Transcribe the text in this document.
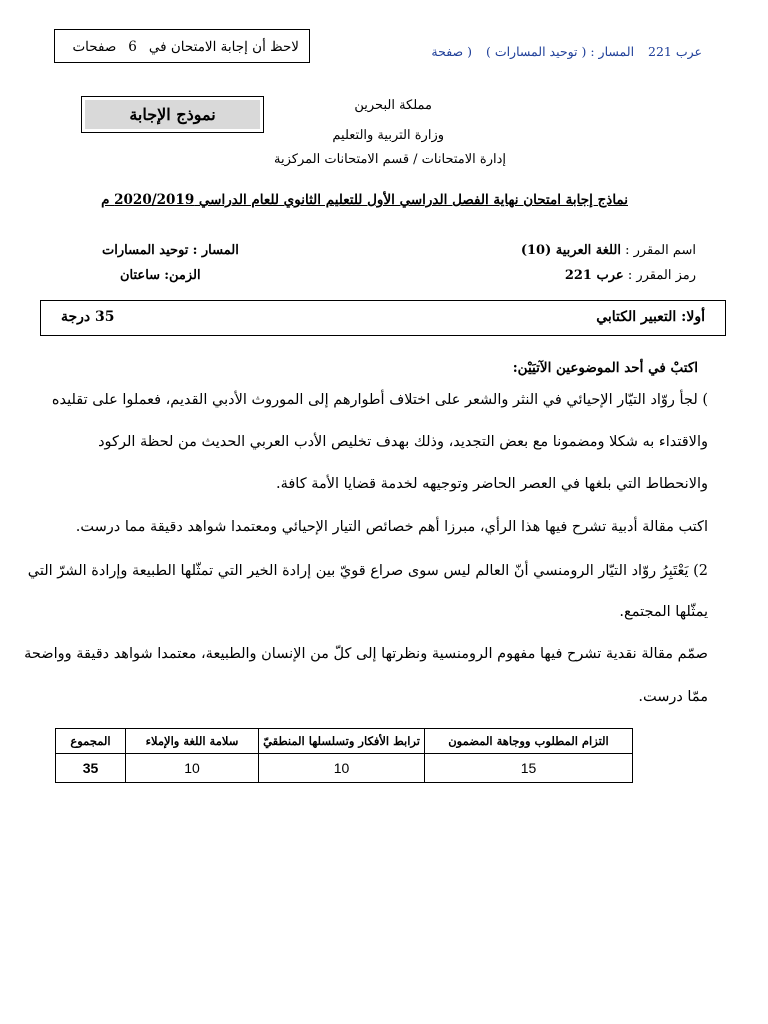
لاحظ أن إجابة الامتحان في6صفحات	عرب 221 المسار : ( توحيد المسارات ) ( صفحة
نموذج الإجابة	مملكة البحرين
وزارة التربية والتعليم
إدارة الامتحانات / قسم الامتحانات المركزية
نماذج إجابة امتحان نهاية الفصل الدراسي الأول للتعليم الثانوي للعام الدراسي 2020/2019 م
اسم المقرر : اللغة العربية (10)
رمز المقرر : عرب 221
المسار : توحيد المسارات
الزمن: ساعتان
أولا: التعبير الكتابي
35 درجة
اكتبْ في أحد الموضوعين الآتيَيْن:
) لجأ روّاد التيّار الإحيائي في النثر والشعر على اختلاف أطوارهم إلى الموروث الأدبي القديم، فعملوا على تقليده
والاقتداء به شكلا ومضمونا مع بعض التجديد، وذلك بهدف تخليص الأدب العربي الحديث من لحظة الركود
والانحطاط التي بلغها في العصر الحاضر وتوجيهه لخدمة قضايا الأمة كافة.
اكتب مقالة أدبية تشرح فيها هذا الرأي، مبرزا أهم خصائص التيار الإحيائي ومعتمدا شواهد دقيقة مما درست.
2) يَعْتَبِرُ روّاد التيّار الرومنسي أنّ العالم ليس سوى صراع قويّ بين إرادة الخير التي تمثّلها الطبيعة وإرادة الشرّ التي
يمثّلها المجتمع.
صمّم مقالة نقدية تشرح فيها مفهوم الرومنسية ونظرتها إلى كلّ من الإنسان والطبيعة، معتمدا شواهد دقيقة وواضحة
ممّا درست.
التزام المطلوب ووجاهة المضمون	ترابط الأفكار وتسلسلها المنطقيّ	سلامة اللغة والإملاء	المجموع
15	10	10	35
